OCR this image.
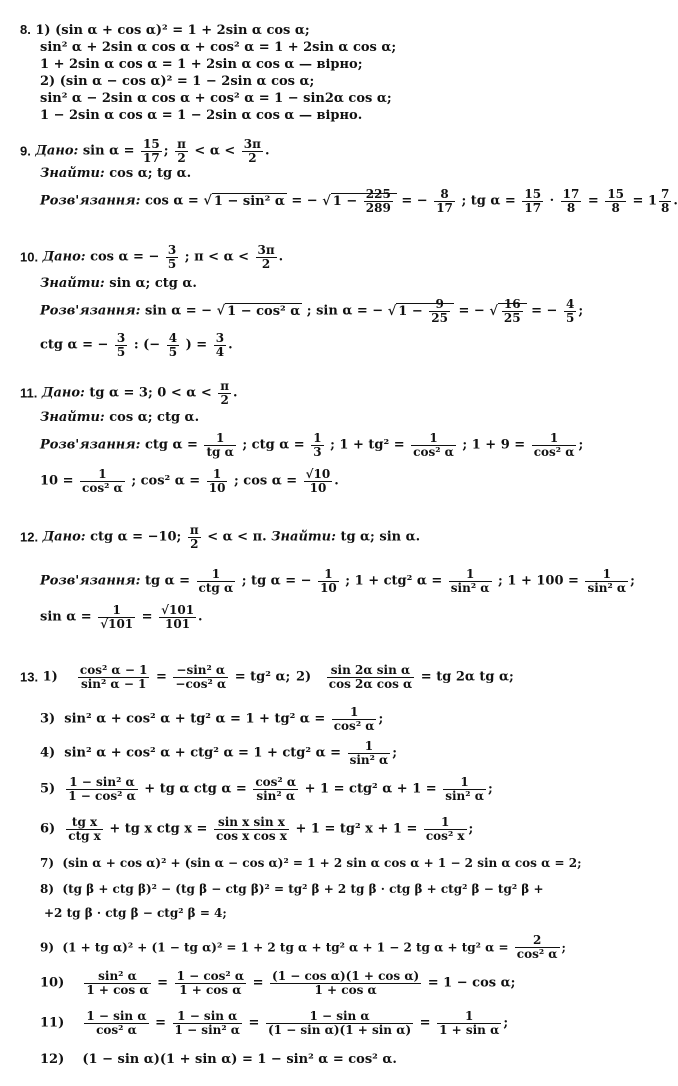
8. 1) (sin α + cos α)² = 1 + 2sin α cos α;
sin² α + 2sin α cos α + cos² α = 1 + 2sin α cos α;
1 + 2sin α cos α = 1 + 2sin α cos α — вірно;
2) (sin α − cos α)² = 1 − 2sin α cos α;
sin² α − 2sin α cos α + cos² α = 1 − sin2α cos α;
1 − 2sin α cos α = 1 − 2sin α cos α — вірно.
9. Дано: $\sin \alpha = \frac{15}{17}$ ; $\frac{\pi}{2} < \alpha < \frac{3\pi}{2}$ .
Знайти: cos α; tg α.
Розв'язання: cos α = √ 1 − sin² α = − √ $1 - \frac{225}{289}$ = − $\frac{8}{17}$ ; tg $\alpha = \frac{15}{17} \cdot \frac{17}{8} = \frac{15}{8} = 1 \frac{7}{8}$ .
10. Дано: cos α = − $\frac{3}{5}$ ; $\pi < \alpha < \frac{3\pi}{2}$ .
Знайти: sin α; ctg α.
Розв'язання: sin α = − √ 1 − cos² α ; sin α = − √ $1 - \frac{9}{25}$ = − √ $\frac{16}{25}$ = − $\frac{4}{5}$ ;
ctg α = − $\frac{3}{5}$ : (− $\frac{4}{5}$ ) = $\frac{3}{4}$ .
11. Дано: tg α = 3; $0 < \alpha < \frac{\pi}{2}$ .
Знайти: cos α; ctg α.
Розв'язання: ctg $\alpha = \frac{1}{\text{tg α}}$ ; ctg $\alpha = \frac{1}{3}$ ; $1 + tg^2 = \frac{1}{\text{cos² α}}$ ; $1 + 9 = \frac{1}{\text{cos² α}}$ ;
$10 = \frac{1}{\text{cos² α}}$ ; cos² $\alpha = \frac{1}{10}$ ; $\cos \alpha = \frac{√10}{10}$ .
12. Дано: ctg α = −10; $\frac{\pi}{2} < \alpha < \pi$. Знайти: tg α; sin α.
Розв'язання: tg α =	1
ctg α ; tg α = − $\frac{1}{10}$ ; 1 + ctg² $\alpha = \frac{1}{\text{sin² α}}$ ; $1 + 100 = \frac{1}{\text{sin² α}}$ ;
$\sin \alpha = \frac{1}{√101} = \frac{√101}{101}$ .
13. $1) \frac{\text{cos² α − 1}}{\text{sin² α − 1}} = \frac{\text{−sin² α}}{\text{−cos² α}} = tg^2$ α; $2) \frac{\text{sin 2α sin α}}{\text{cos 2α cos α}}$ = tg 2α tg α;
3) sin² α + cos² α + tg² α = 1 + tg² $\alpha = \frac{1}{\text{cos² α}}$ ;
4) sin² α + cos² α + ctg² α = 1 + ctg² $\alpha = \frac{1}{\text{sin² α}}$ ;
$5) \frac{\text{1 − sin² α}}{\text{1 − cos² α}}$ + tg α ctg $\alpha = \frac{\text{cos² α}}{\text{sin² α}} + 1 = ctg^2$ $\alpha + 1 = \frac{1}{\text{sin² α}}$ ;
6)	tg x
ctg x + tg x ctg $x = \frac{\text{sin x sin x}}{\text{cos x cos x}} + 1 = tg^2$ $x + 1 = \frac{1}{\text{cos² x}}$ ;
7) (sin α + cos α)² + (sin α − cos α)² = 1 + 2 sin α cos α + 1 − 2 sin α cos α = 2;
8) (tg β + ctg β)² − (tg β − ctg β)² = tg² β + 2 tg β · ctg β + ctg² β − tg² β +
+2 tg β · ctg β − ctg² β = 4;
9) (1 + tg α)² + (1 − tg α)² = 1 + 2 tg α + tg² α + 1 − 2 tg α + tg² $\alpha = \frac{2}{\text{cos² α}}$ ;
$10) \frac{\text{sin² α}}{\text{1 + cos α}} = \frac{\text{1 − cos² α}}{\text{1 + cos α}} = \frac{\text{(1 − cos α)(1 + cos α)}}{\text{1 + cos α}} = 1 - \cos \alpha$;
$11) \frac{\text{1 − sin α}}{\text{cos² α}} = \frac{\text{1 − sin α}}{\text{1 − sin² α}} = \frac{\text{1 − sin α}}{\text{(1 − sin α)(1 + sin α)}} = \frac{1}{\text{1 + sin α}}$ ;
12) (1 − sin α)(1 + sin α) = 1 − sin² α = cos² α.
